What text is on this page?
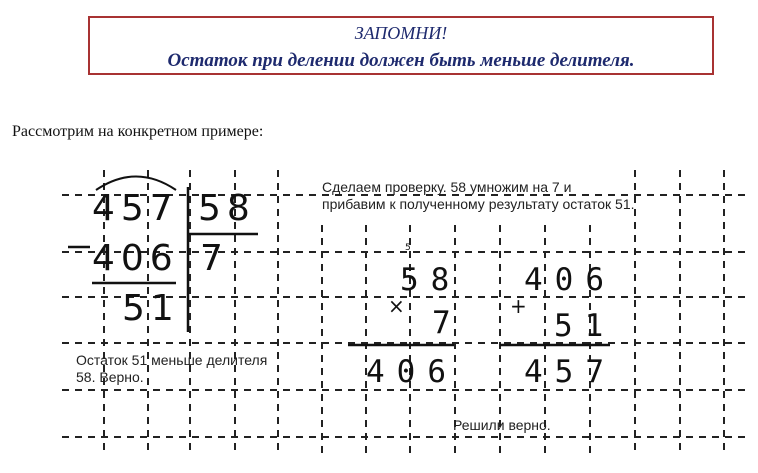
ЗАПОМНИ!
Остаток при делении должен быть меньше делителя.
Рассмотрим на конкретном примере:
457 58
406 7
51
Сделаем проверку. 58 умножим на 7 и
прибавим к полученному результату остаток 51.
5
58
× 7
406
406
+
51
457
Остаток 51 меньше делителя
58. Верно.
Решили верно.
